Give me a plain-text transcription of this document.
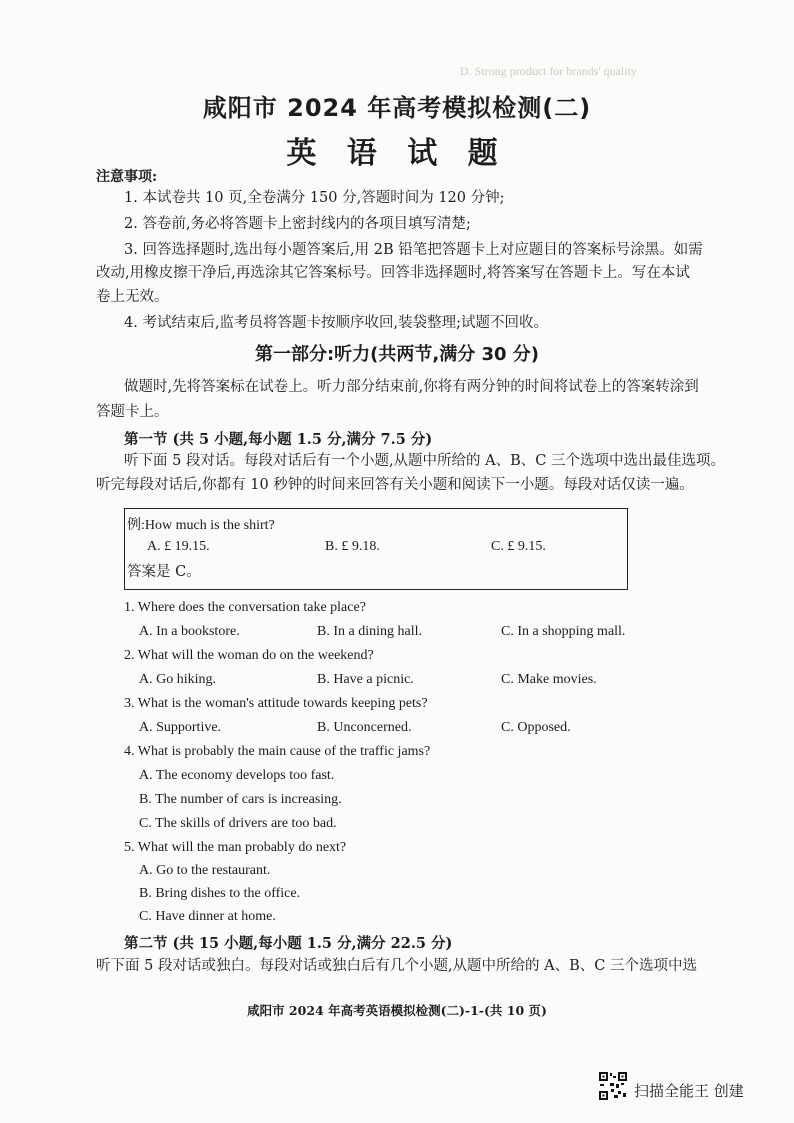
D. Strong product for brands' quality
咸阳市 2024 年高考模拟检测(二)
英 语 试 题
注意事项:
1. 本试卷共 10 页,全卷满分 150 分,答题时间为 120 分钟;
2. 答卷前,务必将答题卡上密封线内的各项目填写清楚;
3. 回答选择题时,选出每小题答案后,用 2B 铅笔把答题卡上对应题目的答案标号涂黑。如需
改动,用橡皮擦干净后,再选涂其它答案标号。回答非选择题时,将答案写在答题卡上。写在本试
卷上无效。
4. 考试结束后,监考员将答题卡按顺序收回,装袋整理;试题不回收。
第一部分:听力(共两节,满分 30 分)
做题时,先将答案标在试卷上。听力部分结束前,你将有两分钟的时间将试卷上的答案转涂到
答题卡上。
第一节 (共 5 小题,每小题 1.5 分,满分 7.5 分)
听下面 5 段对话。每段对话后有一个小题,从题中所给的 A、B、C 三个选项中选出最佳选项。
听完每段对话后,你都有 10 秒钟的时间来回答有关小题和阅读下一小题。每段对话仅读一遍。
例:How much is the shirt?
A. £ 19.15.	B. £ 9.18.	C. £ 9.15.
答案是 C。
1. Where does the conversation take place?
A. In a bookstore.	B. In a dining hall.	C. In a shopping mall.
2. What will the woman do on the weekend?
A. Go hiking.	B. Have a picnic.	C. Make movies.
3. What is the woman's attitude towards keeping pets?
A. Supportive.	B. Unconcerned.	C. Opposed.
4. What is probably the main cause of the traffic jams?
A. The economy develops too fast.
B. The number of cars is increasing.
C. The skills of drivers are too bad.
5. What will the man probably do next?
A. Go to the restaurant.
B. Bring dishes to the office.
C. Have dinner at home.
第二节 (共 15 小题,每小题 1.5 分,满分 22.5 分)
听下面 5 段对话或独白。每段对话或独白后有几个小题,从题中所给的 A、B、C 三个选项中选
咸阳市 2024 年高考英语模拟检测(二)-1-(共 10 页)
扫描全能王 创建
